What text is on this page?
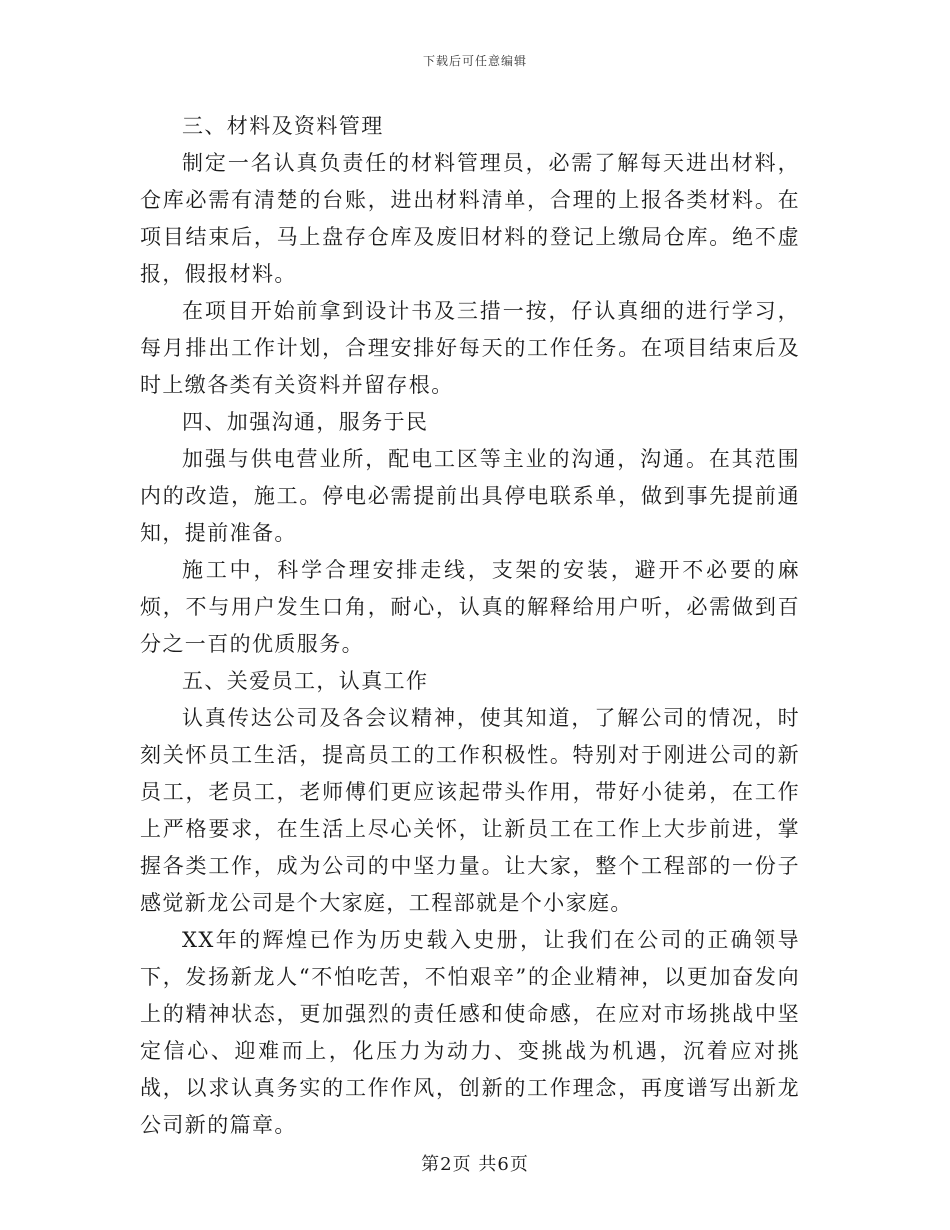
下载后可任意编辑

三、材料及资料管理

制定一名认真负责任的材料管理员，必需了解每天进出材料，仓库必需有清楚的台账，进出材料清单，合理的上报各类材料。在项目结束后，马上盘存仓库及废旧材料的登记上缴局仓库。绝不虚报，假报材料。

在项目开始前拿到设计书及三措一按，仔认真细的进行学习，每月排出工作计划，合理安排好每天的工作任务。在项目结束后及时上缴各类有关资料并留存根。

四、加强沟通，服务于民

加强与供电营业所，配电工区等主业的沟通，沟通。在其范围内的改造，施工。停电必需提前出具停电联系单，做到事先提前通知，提前准备。

施工中，科学合理安排走线，支架的安装，避开不必要的麻烦，不与用户发生口角，耐心，认真的解释给用户听，必需做到百分之一百的优质服务。

五、关爱员工，认真工作

认真传达公司及各会议精神，使其知道，了解公司的情况，时刻关怀员工生活，提高员工的工作积极性。特别对于刚进公司的新员工，老员工，老师傅们更应该起带头作用，带好小徒弟，在工作上严格要求，在生活上尽心关怀，让新员工在工作上大步前进，掌握各类工作，成为公司的中坚力量。让大家，整个工程部的一份子感觉新龙公司是个大家庭，工程部就是个小家庭。

XX年的辉煌已作为历史载入史册，让我们在公司的正确领导下，发扬新龙人“不怕吃苦，不怕艰辛”的企业精神，以更加奋发向上的精神状态，更加强烈的责任感和使命感，在应对市场挑战中坚定信心、迎难而上，化压力为动力、变挑战为机遇，沉着应对挑战，以求认真务实的工作作风，创新的工作理念，再度谱写出新龙公司新的篇章。

第2页 共6页
